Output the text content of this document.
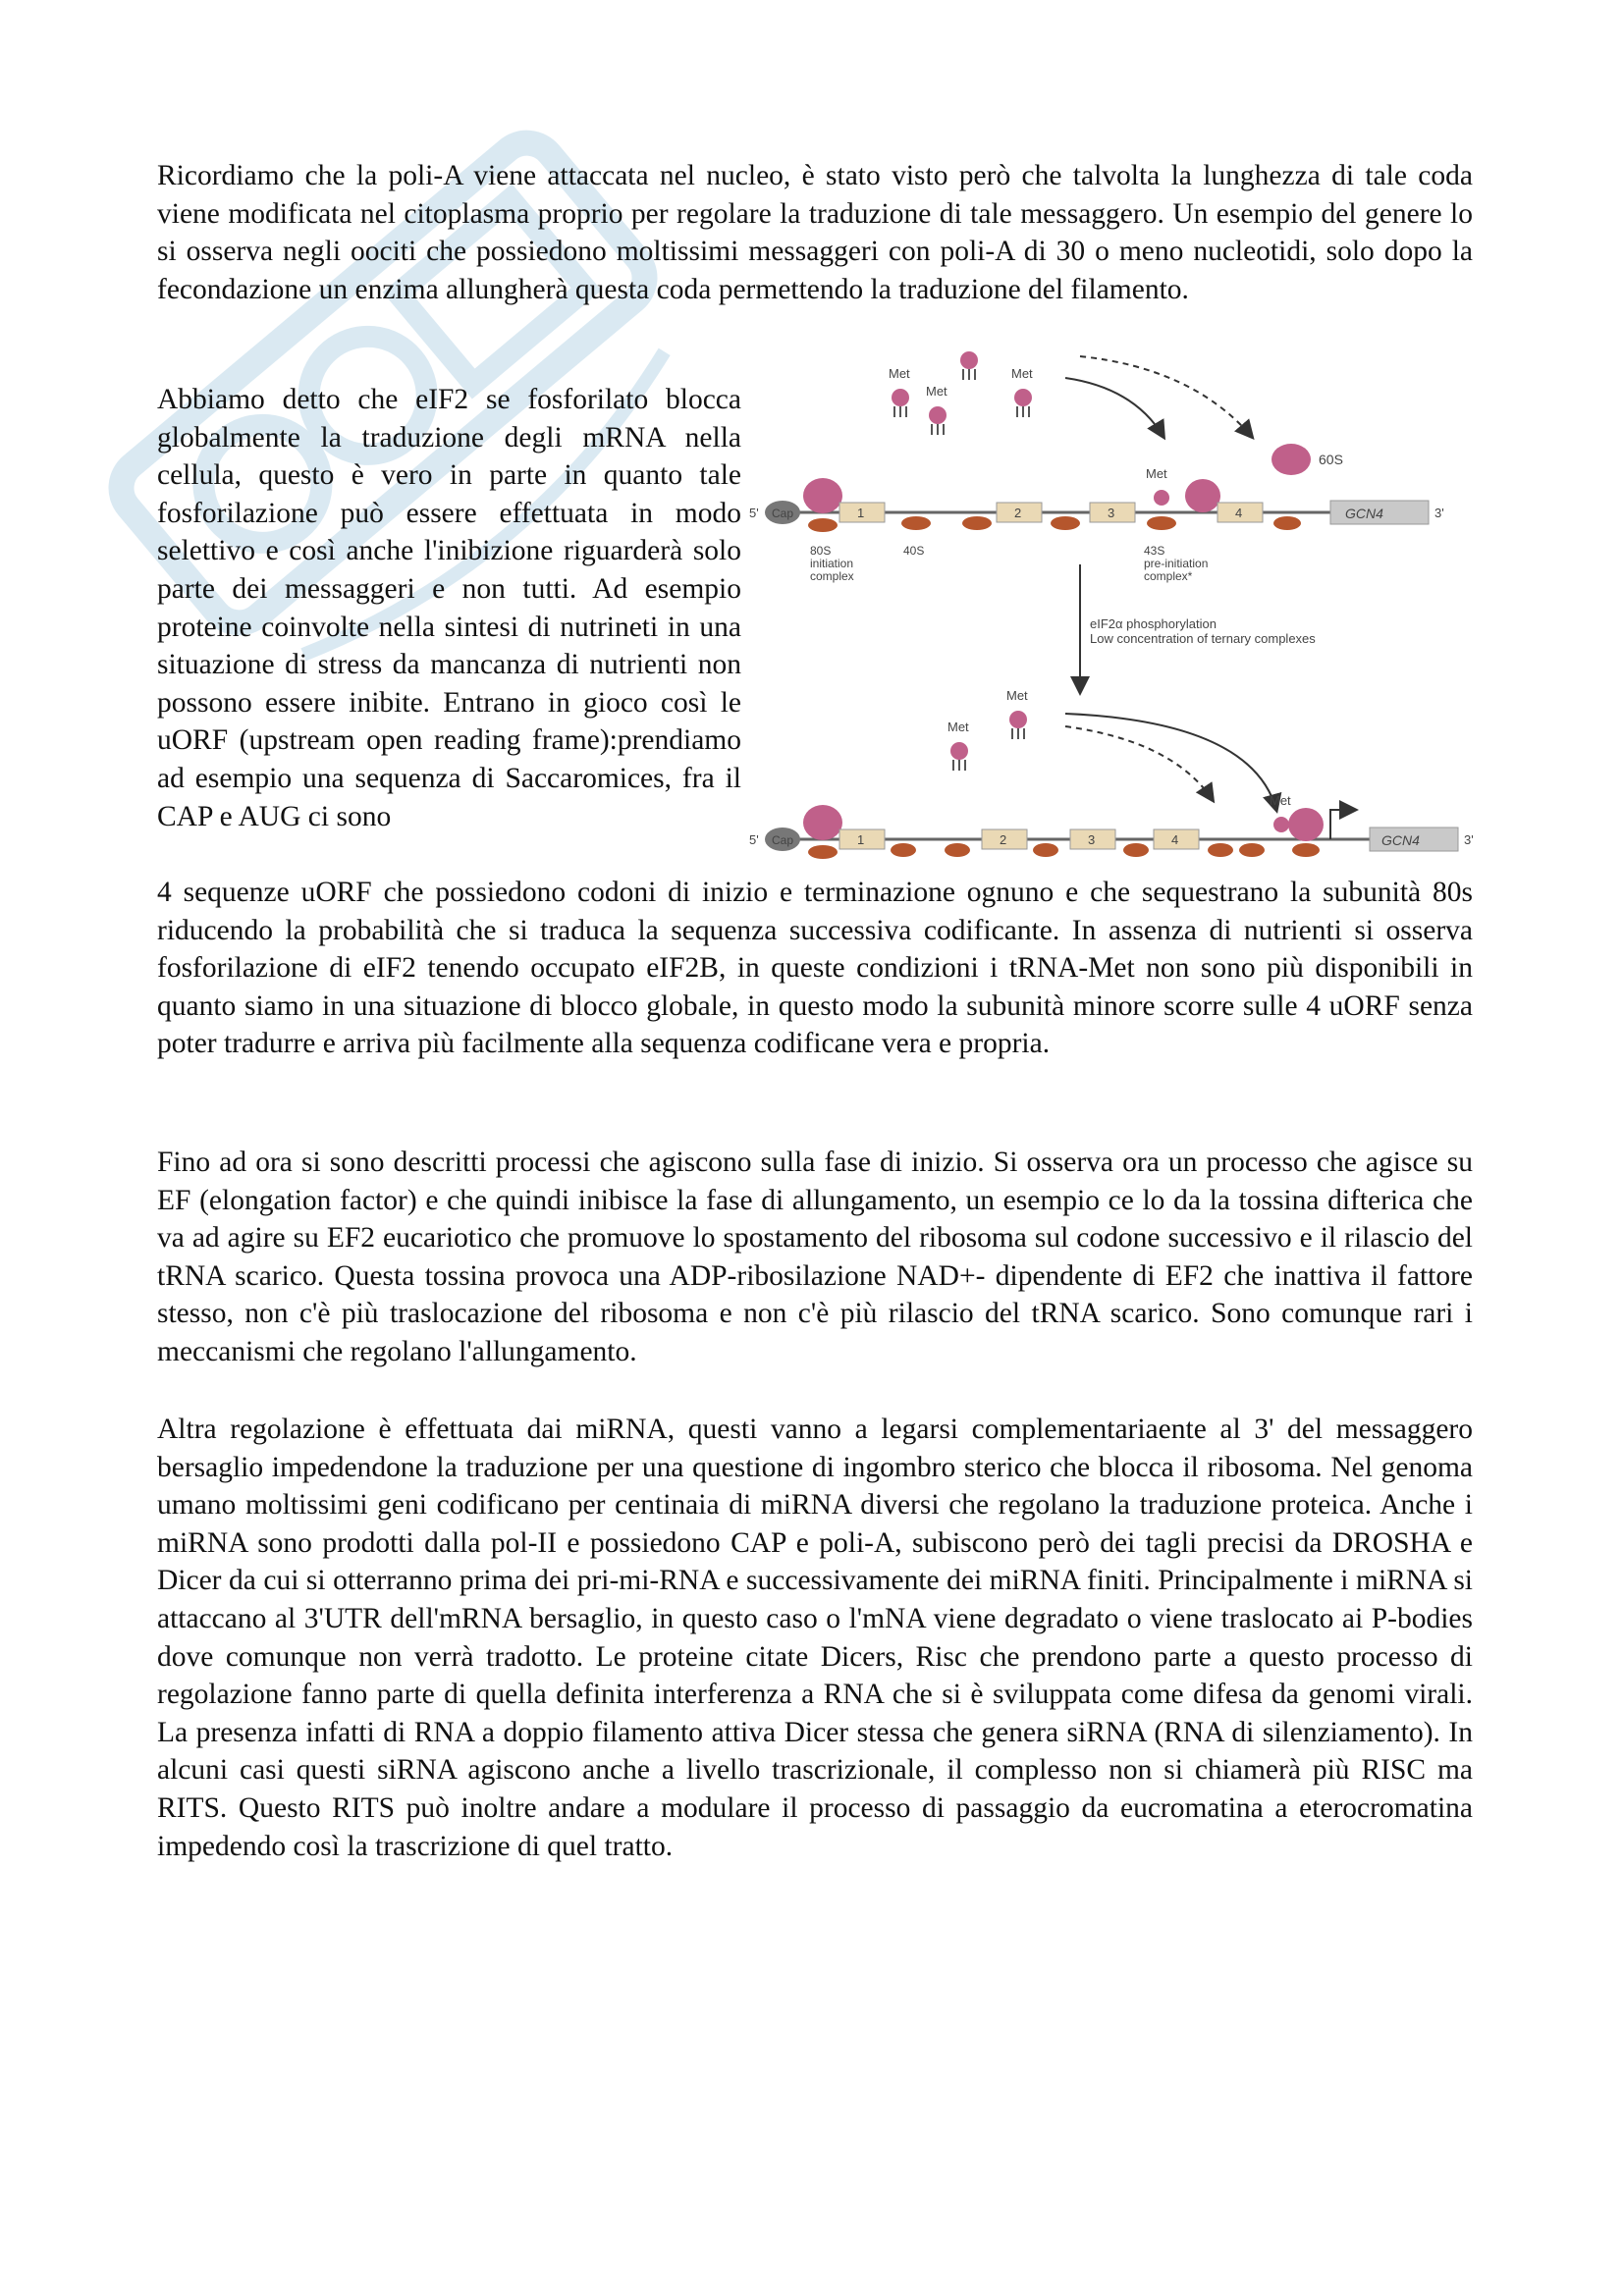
Ricordiamo che la poli-A viene attaccata nel nucleo, è stato visto però che talvolta la lunghezza di tale coda viene modificata nel citoplasma proprio per regolare la traduzione di tale messaggero. Un esempio del genere lo si osserva negli oociti che possiedono moltissimi messaggeri con poli-A di 30 o meno nucleotidi, solo dopo la fecondazione un enzima allungherà questa coda permettendo la traduzione del filamento.

Abbiamo detto che eIF2 se fosforilato blocca globalmente la traduzione degli mRNA nella cellula, questo è vero in parte in quanto tale fosforilazione può essere effettuata in modo selettivo e così anche l'inibizione riguarderà solo parte dei messaggeri e non tutti. Ad esempio proteine coinvolte nella sintesi di nutrineti in una situazione di stress da mancanza di nutrienti non possono essere inibite. Entrano in gioco così le uORF (upstream open reading frame):prendiamo ad esempio una sequenza di Saccaromices, fra il CAP e AUG ci sono

Met
Met
Met
60S
5' Cap	1	2	3
Met
4	GCN4	3'
80S
initiation
complex
40S	43S
pre-initiation
complex*
eIF2α phosphorylation
Low concentration of ternary complexes
Met
Met
5' Cap	1	2	3	4
Met
GCN4	3'

4 sequenze uORF che possiedono codoni di inizio e terminazione ognuno e che sequestrano la subunità 80s riducendo la probabilità che si traduca la sequenza successiva codificante. In assenza di nutrienti si osserva fosforilazione di eIF2 tenendo occupato eIF2B, in queste condizioni i tRNA-Met non sono più disponibili in quanto siamo in una situazione di blocco globale, in questo modo la subunità minore scorre sulle 4 uORF senza poter tradurre e arriva più facilmente alla sequenza codificane vera e propria.

Fino ad ora si sono descritti processi che agiscono sulla fase di inizio. Si osserva ora un processo che agisce su EF (elongation factor) e che quindi inibisce la fase di allungamento, un esempio ce lo da la tossina difterica che va ad agire su EF2 eucariotico che promuove lo spostamento del ribosoma sul codone successivo e il rilascio del tRNA scarico. Questa tossina provoca una ADP-ribosilazione NAD+- dipendente di EF2 che inattiva il fattore stesso, non c'è più traslocazione del ribosoma e non c'è più rilascio del tRNA scarico. Sono comunque rari i meccanismi che regolano l'allungamento.

Altra regolazione è effettuata dai miRNA, questi vanno a legarsi complementariaente al 3' del messaggero bersaglio impedendone la traduzione per una questione di ingombro sterico che blocca il ribosoma. Nel genoma umano moltissimi geni codificano per centinaia di miRNA diversi che regolano la traduzione proteica. Anche i miRNA sono prodotti dalla pol-II e possiedono CAP e poli-A, subiscono però dei tagli precisi da DROSHA e Dicer da cui si otterranno prima dei pri-mi-RNA e successivamente dei miRNA finiti. Principalmente i miRNA si attaccano al 3'UTR dell'mRNA bersaglio, in questo caso o l'mNA viene degradato o viene traslocato ai P-bodies dove comunque non verrà tradotto. Le proteine citate Dicers, Risc che prendono parte a questo processo di regolazione fanno parte di quella definita interferenza a RNA che si è sviluppata come difesa da genomi virali. La presenza infatti di RNA a doppio filamento attiva Dicer stessa che genera siRNA (RNA di silenziamento). In alcuni casi questi siRNA agiscono anche a livello trascrizionale, il complesso non si chiamerà più RISC ma RITS. Questo RITS può inoltre andare a modulare il processo di passaggio da eucromatina a eterocromatina impedendo così la trascrizione di quel tratto.
